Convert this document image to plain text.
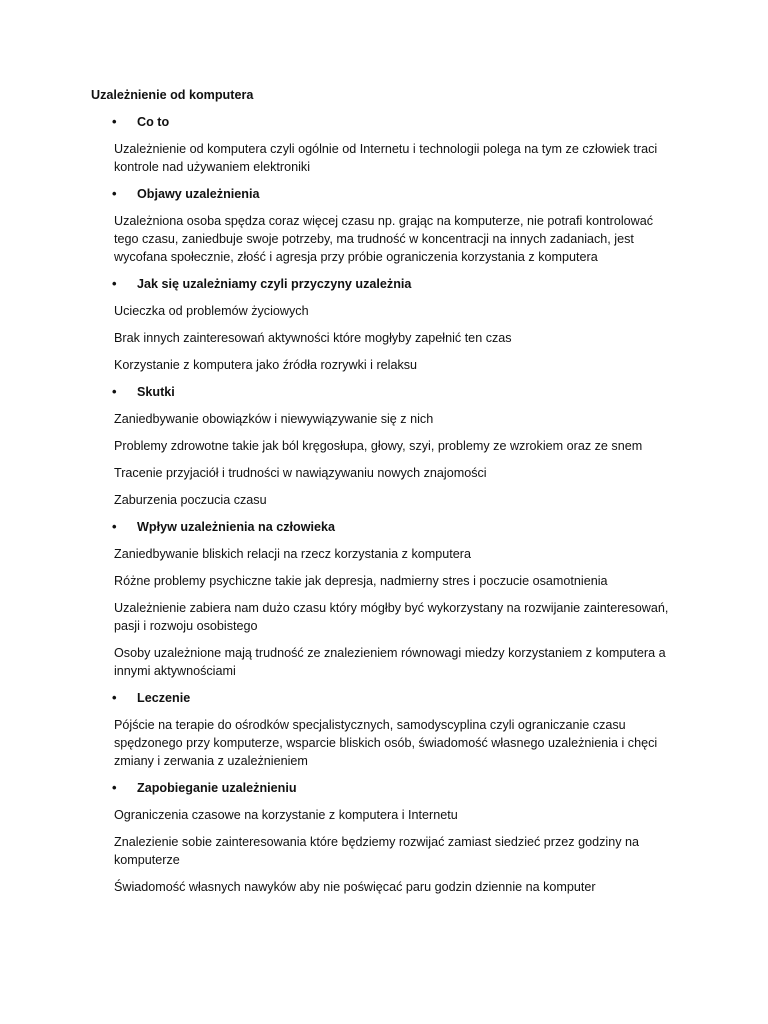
Uzależnienie od komputera
• Co to

Uzależnienie od komputera czyli ogólnie od Internetu i technologii polega na tym ze człowiek traci kontrole nad używaniem elektroniki

• Objawy uzależnienia

Uzależniona osoba spędza coraz więcej czasu np. grając na komputerze, nie potrafi kontrolować tego czasu, zaniedbuje swoje potrzeby, ma trudność w koncentracji na innych zadaniach, jest wycofana społecznie, złość i agresja przy próbie ograniczenia korzystania z komputera

• Jak się uzależniamy czyli przyczyny uzależnia

Ucieczka od problemów życiowych

Brak innych zainteresowań aktywności które mogłyby zapełnić ten czas

Korzystanie z komputera jako źródła rozrywki i relaksu

• Skutki

Zaniedbywanie obowiązków i niewywiązywanie się z nich

Problemy zdrowotne takie jak ból kręgosłupa, głowy, szyi, problemy ze wzrokiem oraz ze snem

Tracenie przyjaciół i trudności w nawiązywaniu nowych znajomości

Zaburzenia poczucia czasu

• Wpływ uzależnienia na człowieka

Zaniedbywanie bliskich relacji na rzecz korzystania z komputera

Różne problemy psychiczne takie jak depresja, nadmierny stres i poczucie osamotnienia

Uzależnienie zabiera nam dużo czasu który mógłby być wykorzystany na rozwijanie zainteresowań, pasji i rozwoju osobistego

Osoby uzależnione mają trudność ze znalezieniem równowagi miedzy korzystaniem z komputera a innymi aktywnościami

• Leczenie

Pójście na terapie do ośrodków specjalistycznych, samodyscyplina czyli ograniczanie czasu spędzonego przy komputerze, wsparcie bliskich osób, świadomość własnego uzależnienia i chęci zmiany i zerwania z uzależnieniem

• Zapobieganie uzależnieniu

Ograniczenia czasowe na korzystanie z komputera i Internetu

Znalezienie sobie zainteresowania które będziemy rozwijać zamiast siedzieć przez godziny na komputerze

Świadomość własnych nawyków aby nie poświęcać paru godzin dziennie na komputer
